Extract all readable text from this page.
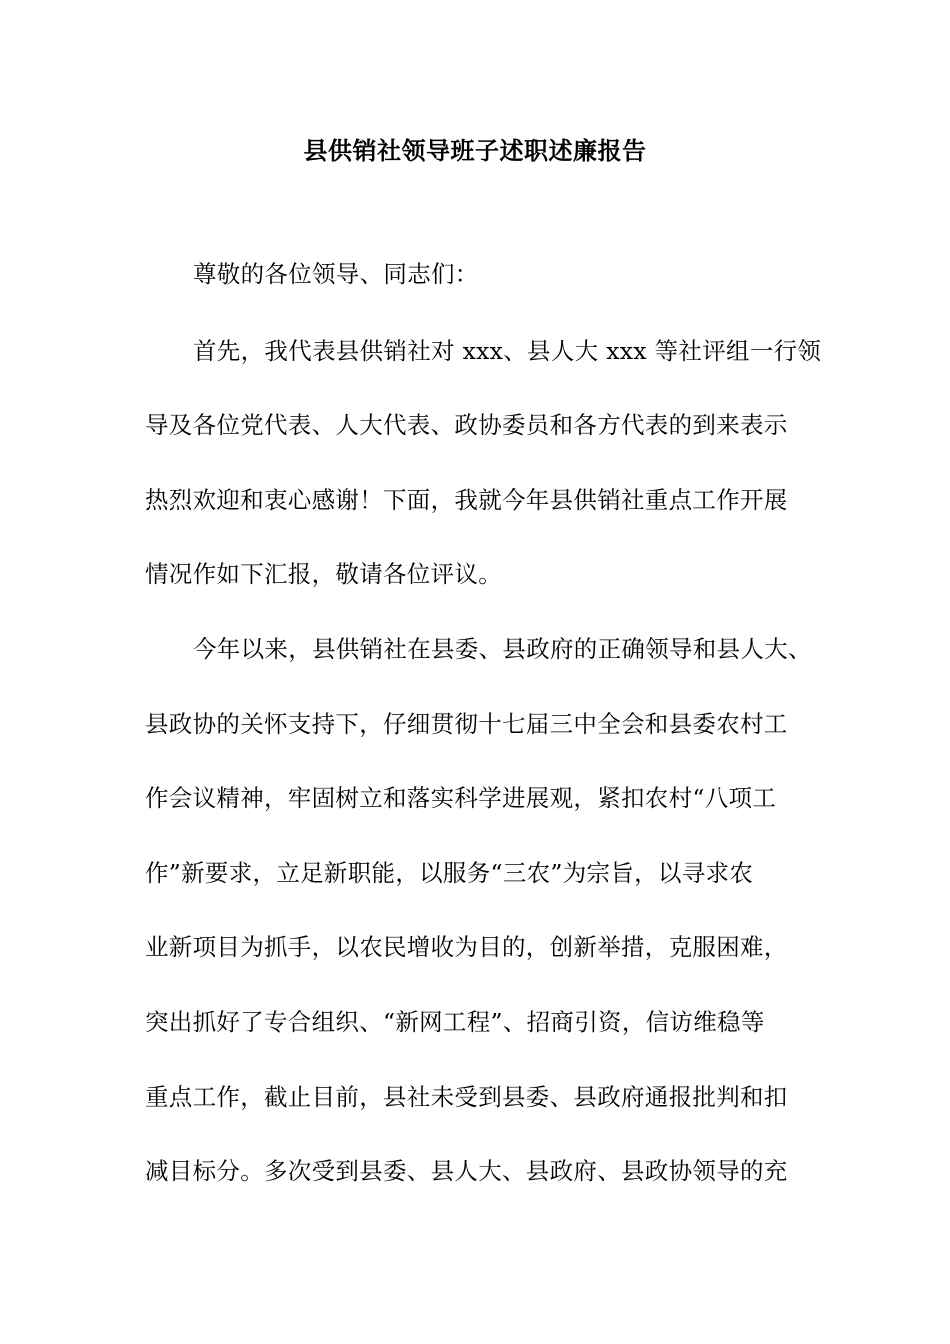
县供销社领导班子述职述廉报告
尊敬的各位领导、同志们：
首先，我代表县供销社对 xxx、县人大 xxx 等社评组一行领
导及各位党代表、人大代表、政协委员和各方代表的到来表示
热烈欢迎和衷心感谢！下面，我就今年县供销社重点工作开展
情况作如下汇报，敬请各位评议。
今年以来，县供销社在县委、县政府的正确领导和县人大、
县政协的关怀支持下，仔细贯彻十七届三中全会和县委农村工
作会议精神，牢固树立和落实科学进展观，紧扣农村“八项工
作”新要求，立足新职能，以服务“三农”为宗旨，以寻求农
业新项目为抓手，以农民增收为目的，创新举措，克服困难，
突出抓好了专合组织、“新网工程”、招商引资，信访维稳等
重点工作，截止目前，县社未受到县委、县政府通报批判和扣
减目标分。多次受到县委、县人大、县政府、县政协领导的充
